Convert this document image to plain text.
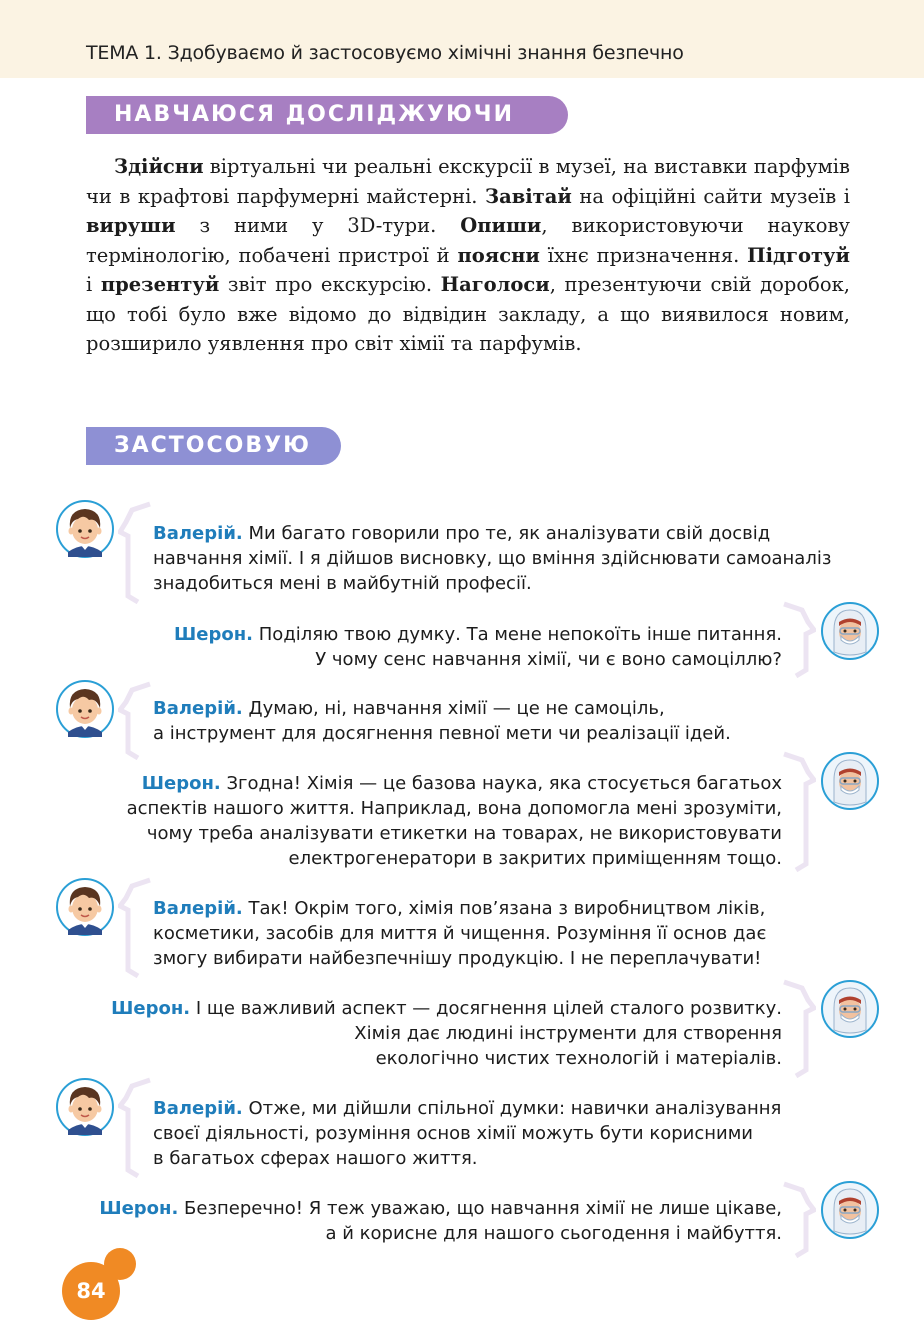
ТЕМА 1. Здобуваємо й застосовуємо хімічні знання безпечно
НАВЧАЮСЯ ДОСЛІДЖУЮЧИ

Здійсни віртуальні чи реальні екскурсії в музеї, на виставки парфумів чи в крафтові парфумерні майстерні. Завітай на офіційні сайти музеїв і вируши з ними у 3D-тури. Опиши, використовуючи наукову термінологію, побачені пристрої й поясни їхнє призначення. Підготуй і презентуй звіт про екскурсію. Наголоси, презентуючи свій доробок, що тобі було вже відомо до відвідин закладу, а що виявилося новим, розширило уявлення про світ хімії та парфумів.

ЗАСТОСОВУЮ
Валерій. Ми багато говорили про те, як аналізувати свій досвід
навчання хімії. І я дійшов висновку, що вміння здійснювати самоаналіз
знадобиться мені в майбутній професії.
Шерон. Поділяю твою думку. Та мене непокоїть інше питання.
У чому сенс навчання хімії, чи є воно самоціллю?
Валерій. Думаю, ні, навчання хімії — це не самоціль,
а інструмент для досягнення певної мети чи реалізації ідей.
Шерон. Згодна! Хімія — це базова наука, яка стосується багатьох
аспектів нашого життя. Наприклад, вона допомогла мені зрозуміти,
чому треба аналізувати етикетки на товарах, не використовувати
електрогенератори в закритих приміщенням тощо.
Валерій. Так! Окрім того, хімія пов’язана з виробництвом ліків,
косметики, засобів для миття й чищення. Розуміння її основ дає
змогу вибирати найбезпечнішу продукцію. І не переплачувати!
Шерон. І ще важливий аспект — досягнення цілей сталого розвитку.
Хімія дає людині інструменти для створення
екологічно чистих технологій і матеріалів.
Валерій. Отже, ми дійшли спільної думки: навички аналізування
своєї діяльності, розуміння основ хімії можуть бути корисними
в багатьох сферах нашого життя.
Шерон. Безперечно! Я теж уважаю, що навчання хімії не лише цікаве,
а й корисне для нашого сьогодення і майбуття.
84
